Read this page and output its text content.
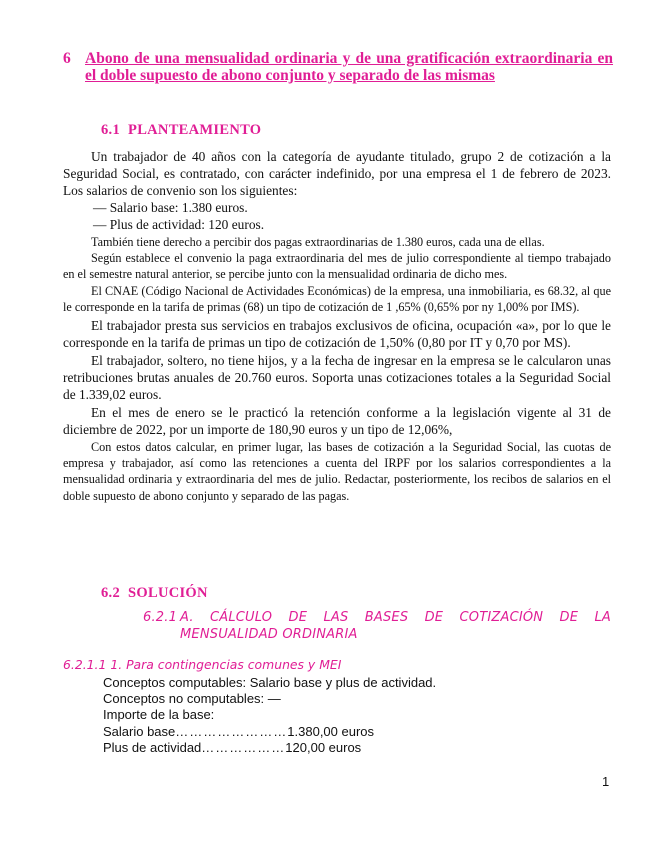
6 Abono de una mensualidad ordinaria y de una gratificación extraordinaria en el doble supuesto de abono conjunto y separado de las mismas
6.1 PLANTEAMIENTO

Un trabajador de 40 años con la categoría de ayudante titulado, grupo 2 de cotización a la Seguridad Social, es contratado, con carácter indefinido, por una empresa el 1 de febrero de 2023. Los salarios de convenio son los siguientes:

— Salario base: 1.380 euros.
— Plus de actividad: 120 euros.

También tiene derecho a percibir dos pagas extraordinarias de 1.380 euros, cada una de ellas.

Según establece el convenio la paga extraordinaria del mes de julio correspondiente al tiempo trabajado en el semestre natural anterior, se percibe junto con la mensualidad ordinaria de dicho mes.

El CNAE (Código Nacional de Actividades Económicas) de la empresa, una inmobiliaria, es 68.32, al que le corresponde en la tarifa de primas (68) un tipo de cotización de 1 ,65% (0,65% por ny 1,00% por IMS).

El trabajador presta sus servicios en trabajos exclusivos de oficina, ocupación «a», por lo que le corresponde en la tarifa de primas un tipo de cotización de 1,50% (0,80 por IT y 0,70 por MS).

El trabajador, soltero, no tiene hijos, y a la fecha de ingresar en la empresa se le calcularon unas retribuciones brutas anuales de 20.760 euros. Soporta unas cotizaciones totales a la Seguridad Social de 1.339,02 euros.

En el mes de enero se le practicó la retención conforme a la legislación vigente al 31 de diciembre de 2022, por un importe de 180,90 euros y un tipo de 12,06%,

Con estos datos calcular, en primer lugar, las bases de cotización a la Seguridad Social, las cuotas de empresa y trabajador, así como las retenciones a cuenta del IRPF por los salarios correspondientes a la mensualidad ordinaria y extraordinaria del mes de julio. Redactar, posteriormente, los recibos de salarios en el doble supuesto de abono conjunto y separado de las pagas.

6.2 SOLUCIÓN
6.2.1 A. CÁLCULO DE LAS BASES DE COTIZACIÓN DE LA MENSUALIDAD ORDINARIA
6.2.1.1 1. Para contingencias comunes y MEI
Conceptos computables: Salario base y plus de actividad.
Conceptos no computables: —
Importe de la base:
Salario base …………………… 1.380,00 euros
Plus de actividad ……………… 120,00 euros
1
